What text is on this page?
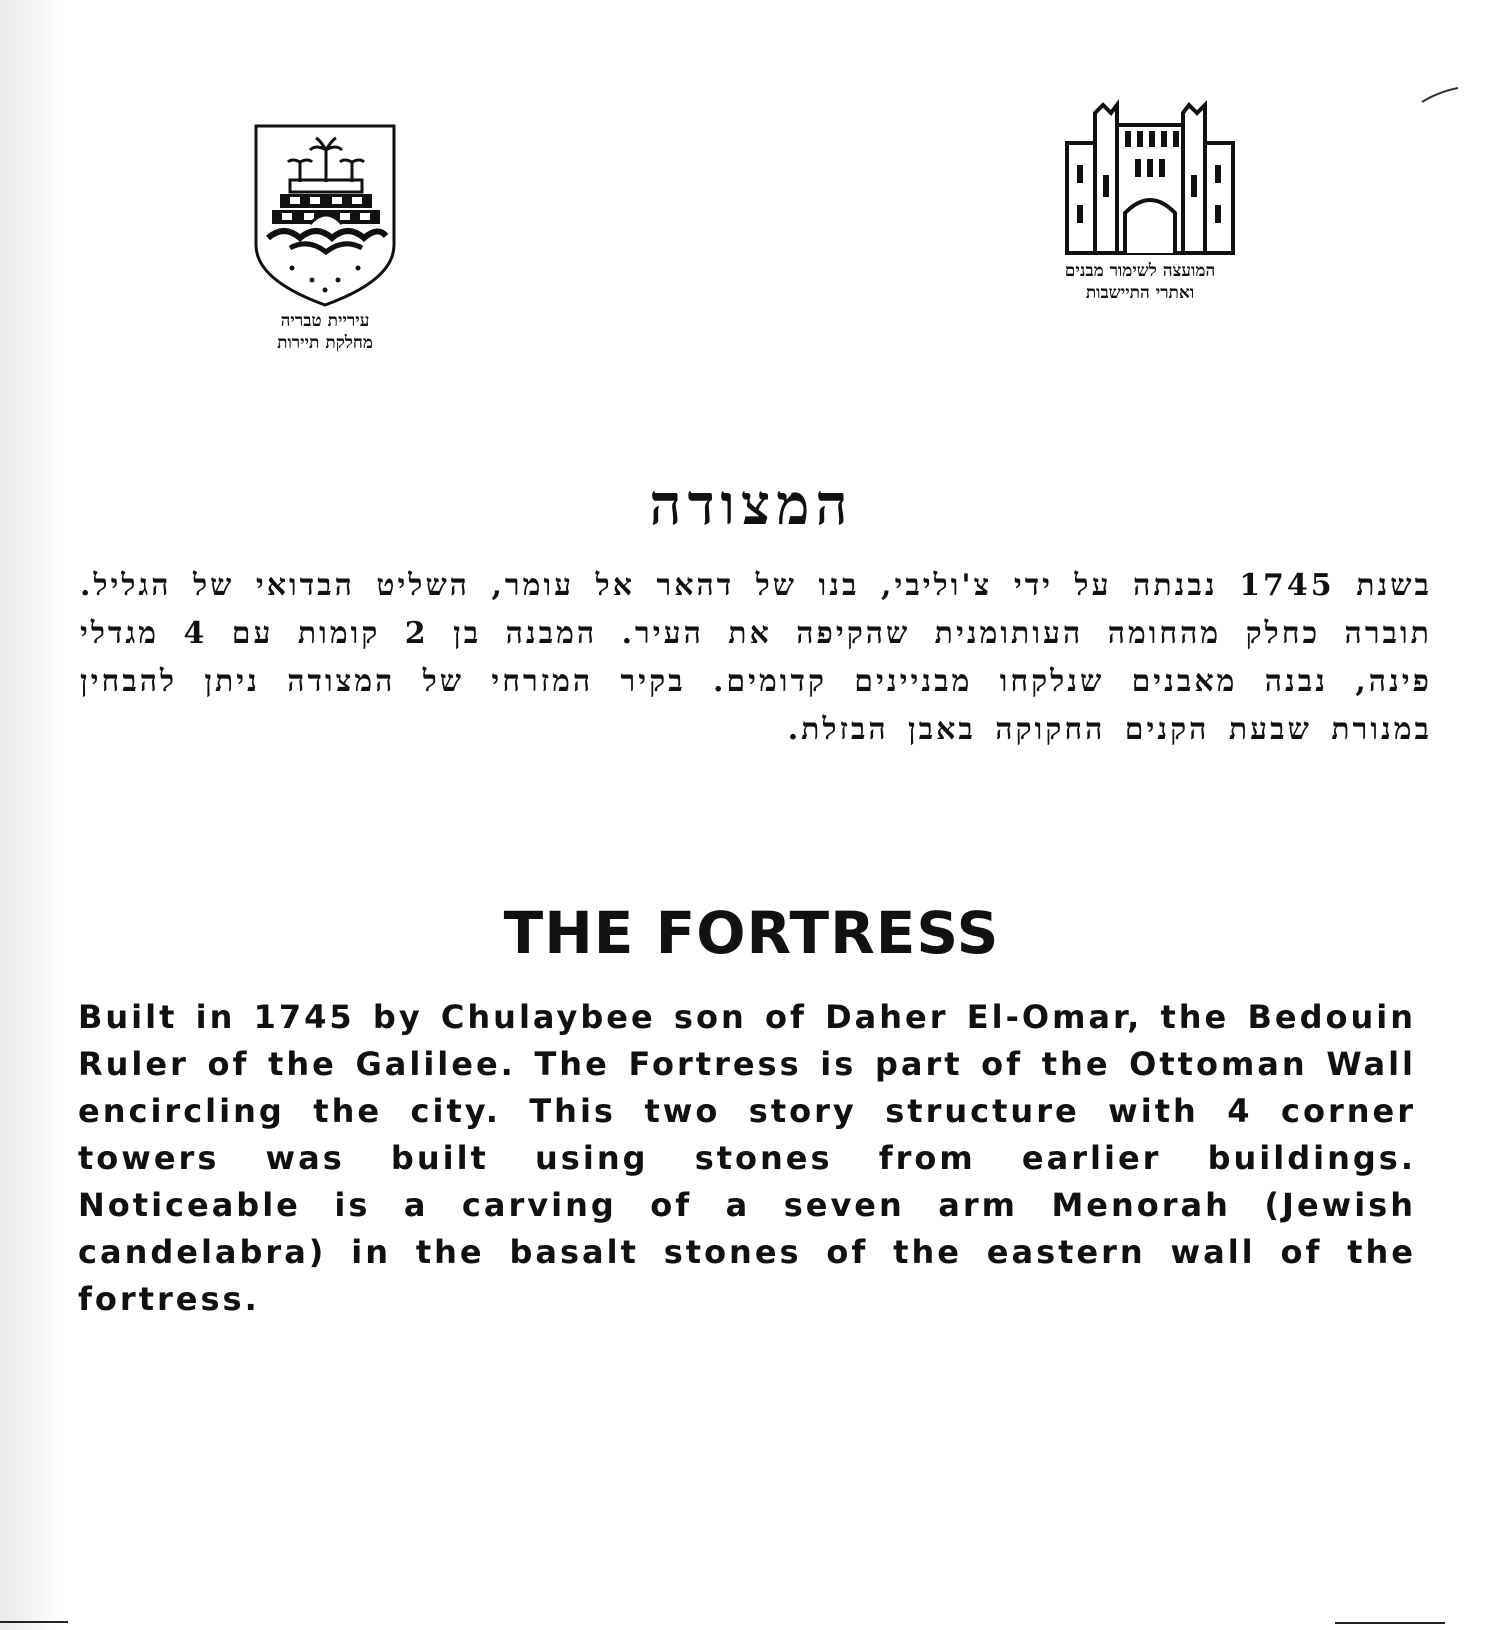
עיריית טבריה
מחלקת תיירות
המועצה לשימור מבנים
ואתרי התיישבות
המצודה
בשנת 1745 נבנתה על ידי צ'וליבי, בנו של דהאר אל עומר, השליט הבדואי של הגליל. תוברה כחלק מהחומה העותומנית שהקיפה את העיר. המבנה בן 2 קומות עם 4 מגדלי פינה, נבנה מאבנים שנלקחו מבניינים קדומים. בקיר המזרחי של המצודה ניתן להבחין במנורת שבעת הקנים החקוקה באבן הבזלת.
THE FORTRESS
Built in 1745 by Chulaybee son of Daher El-Omar, the Bedouin Ruler of the Galilee. The Fortress is part of the Ottoman Wall encircling the city. This two story structure with 4 corner towers was built using stones from earlier buildings. Noticeable is a carving of a seven arm Menorah (Jewish candelabra) in the basalt stones of the eastern wall of the fortress.
